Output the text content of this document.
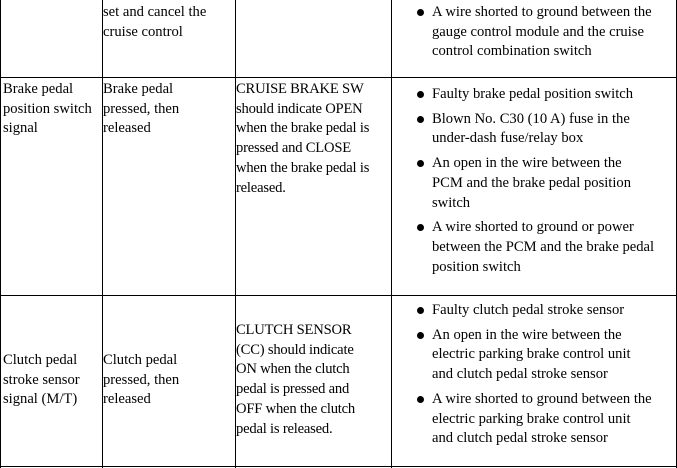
set and cancel the
cruise control

A wire shorted to ground between the
gauge control module and the cruise
control combination switch

Brake pedal
position switch
signal

Brake pedal
pressed, then
released

CRUISE BRAKE SW
should indicate OPEN
when the brake pedal is
pressed and CLOSE
when the brake pedal is
released.

Faulty brake pedal position switch
Blown No. C30 (10 A) fuse in the
under-dash fuse/relay box
An open in the wire between the
PCM and the brake pedal position
switch
A wire shorted to ground or power
between the PCM and the brake pedal
position switch

Clutch pedal
stroke sensor
signal (M/T)

Clutch pedal
pressed, then
released

CLUTCH SENSOR
(CC) should indicate
ON when the clutch
pedal is pressed and
OFF when the clutch
pedal is released.

Faulty clutch pedal stroke sensor
An open in the wire between the
electric parking brake control unit
and clutch pedal stroke sensor
A wire shorted to ground between the
electric parking brake control unit
and clutch pedal stroke sensor
